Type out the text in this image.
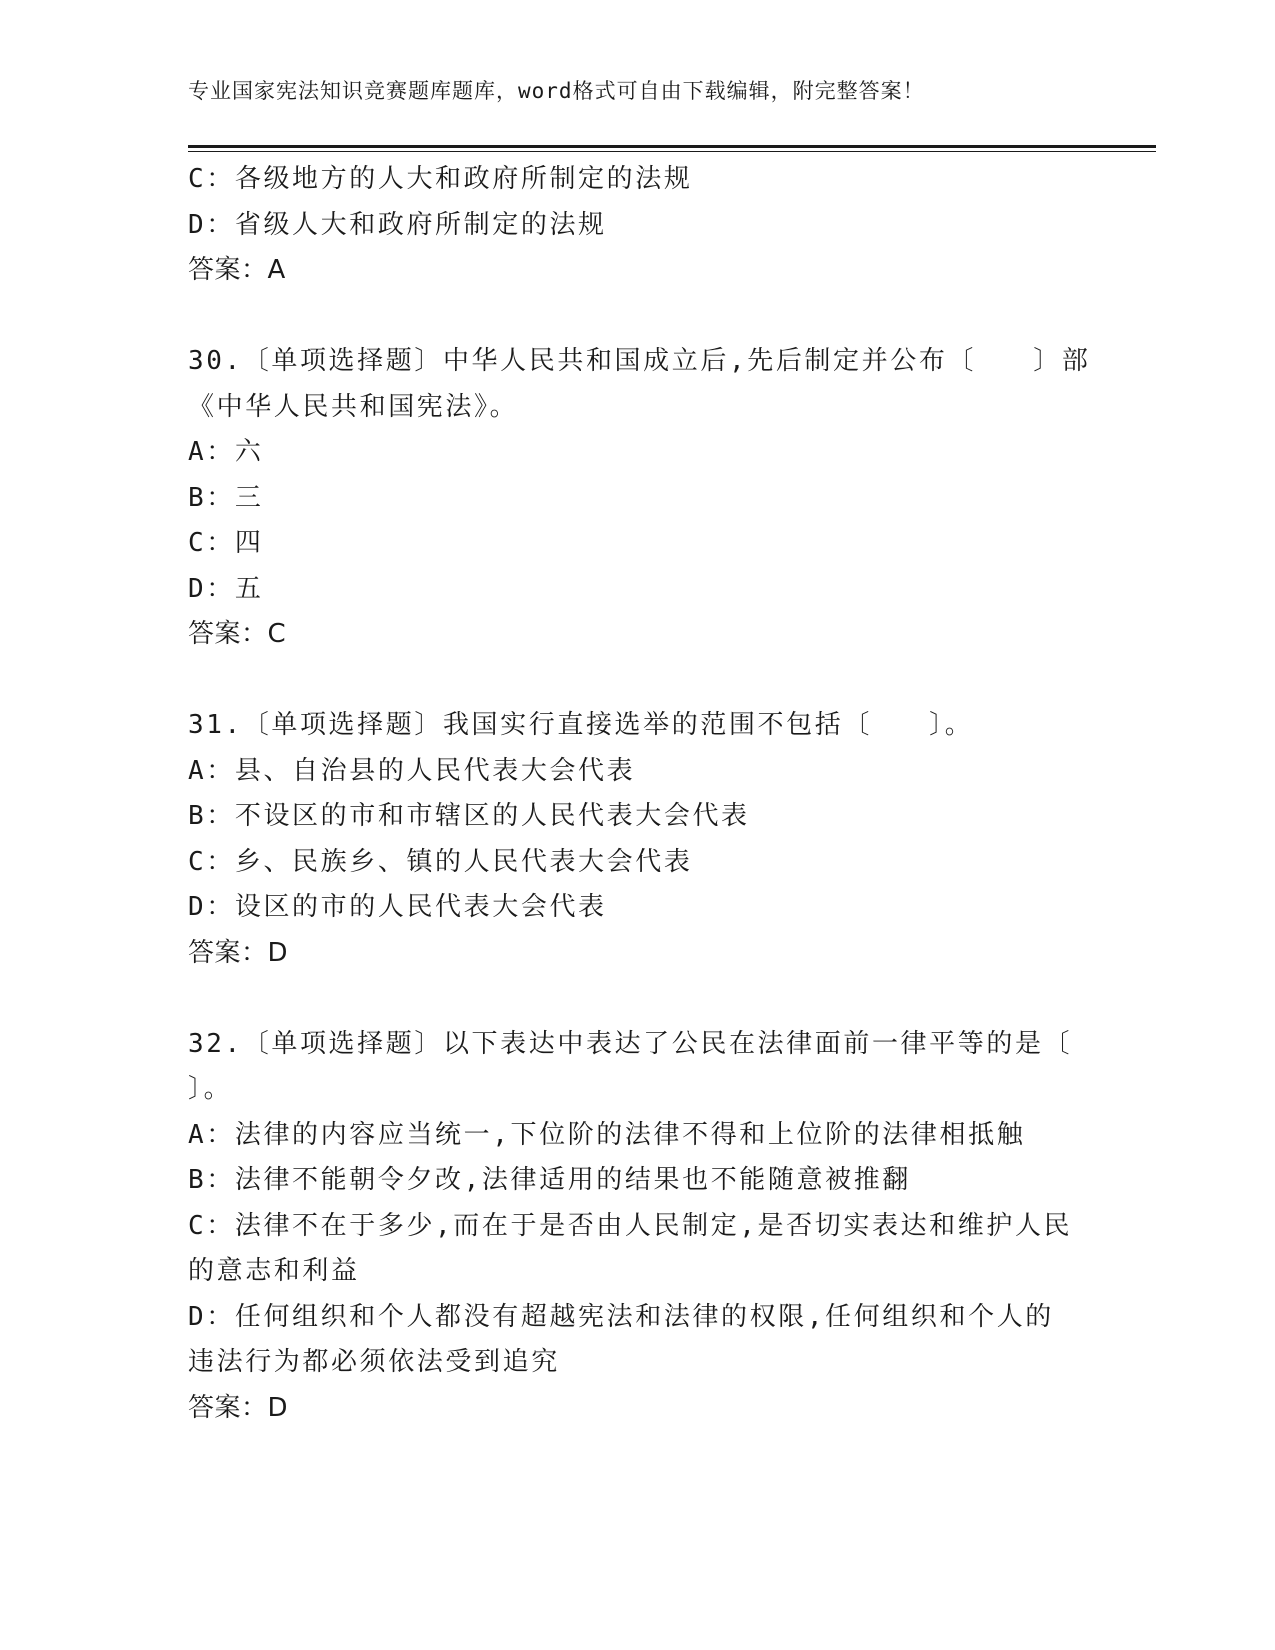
专业国家宪法知识竞赛题库题库，word格式可自由下载编辑，附完整答案！
C：各级地方的人大和政府所制定的法规
D：省级人大和政府所制定的法规
答案：A
30.〔单项选择题〕中华人民共和国成立后,先后制定并公布〔　　〕部
《中华人民共和国宪法》。
A：六
B：三
C：四
D：五
答案：C
31.〔单项选择题〕我国实行直接选举的范围不包括〔　　〕。
A：县、自治县的人民代表大会代表
B：不设区的市和市辖区的人民代表大会代表
C：乡、民族乡、镇的人民代表大会代表
D：设区的市的人民代表大会代表
答案：D
32.〔单项选择题〕以下表达中表达了公民在法律面前一律平等的是〔
〕。
A：法律的内容应当统一,下位阶的法律不得和上位阶的法律相抵触
B：法律不能朝令夕改,法律适用的结果也不能随意被推翻
C：法律不在于多少,而在于是否由人民制定,是否切实表达和维护人民
的意志和利益
D：任何组织和个人都没有超越宪法和法律的权限,任何组织和个人的
违法行为都必须依法受到追究
答案：D
